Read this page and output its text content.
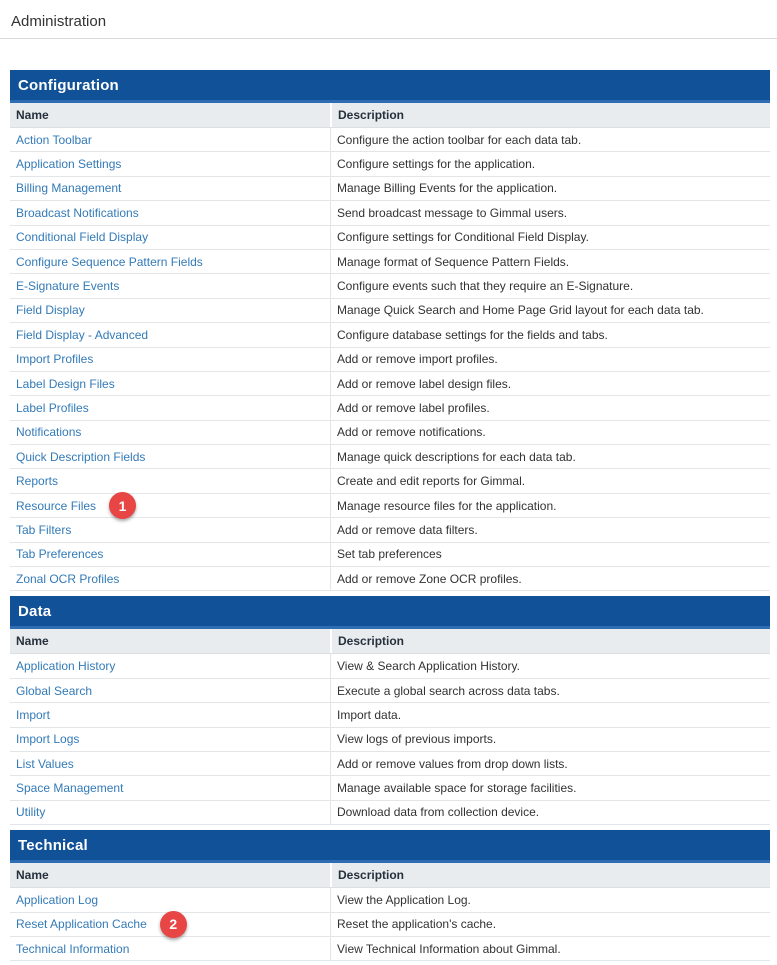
Administration
Configuration
Name	Description
Action Toolbar	Configure the action toolbar for each data tab.
Application Settings	Configure settings for the application.
Billing Management	Manage Billing Events for the application.
Broadcast Notifications	Send broadcast message to Gimmal users.
Conditional Field Display	Configure settings for Conditional Field Display.
Configure Sequence Pattern Fields	Manage format of Sequence Pattern Fields.
E-Signature Events	Configure events such that they require an E-Signature.
Field Display	Manage Quick Search and Home Page Grid layout for each data tab.
Field Display - Advanced	Configure database settings for the fields and tabs.
Import Profiles	Add or remove import profiles.
Label Design Files	Add or remove label design files.
Label Profiles	Add or remove label profiles.
Notifications	Add or remove notifications.
Quick Description Fields	Manage quick descriptions for each data tab.
Reports	Create and edit reports for Gimmal.
Resource Files	1	Manage resource files for the application.
Tab Filters	Add or remove data filters.
Tab Preferences	Set tab preferences
Zonal OCR Profiles	Add or remove Zone OCR profiles.
Data
Name	Description
Application History	View & Search Application History.
Global Search	Execute a global search across data tabs.
Import	Import data.
Import Logs	View logs of previous imports.
List Values	Add or remove values from drop down lists.
Space Management	Manage available space for storage facilities.
Utility	Download data from collection device.
Technical
Name	Description
Application Log	View the Application Log.
Reset Application Cache	2	Reset the application's cache.
Technical Information	View Technical Information about Gimmal.
